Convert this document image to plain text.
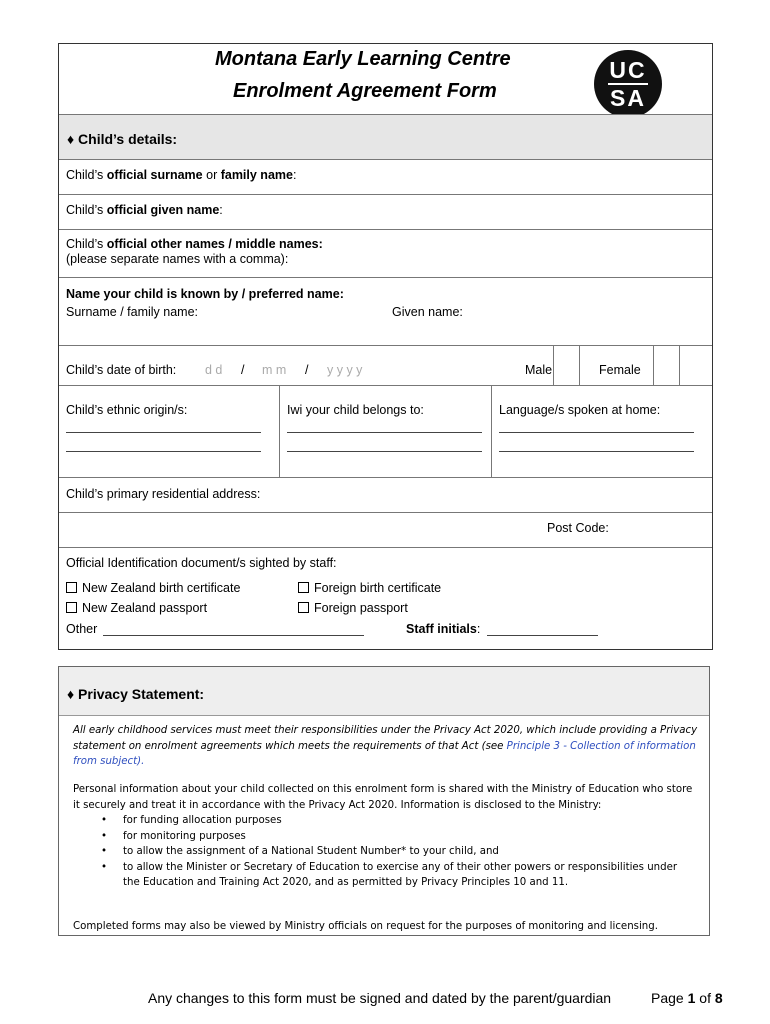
Montana Early Learning Centre
Enrolment Agreement Form
UC
SA
♦ Child’s details:
Child’s official surname or family name:
Child’s official given name:
Child’s official other names / middle names:
(please separate names with a comma):
Name your child is known by / preferred name:
Surname / family name:	Given name:
Child’s date of birth: d d / m m / y y y y	Male	Female
Child’s ethnic origin/s:	Iwi your child belongs to:	Language/s spoken at home:
Child’s primary residential address:
Post Code:
Official Identification document/s sighted by staff:
New Zealand birth certificate	Foreign birth certificate
New Zealand passport	Foreign passport
Other	Staff initials:
♦ Privacy Statement:
All early childhood services must meet their responsibilities under the Privacy Act 2020, which include providing a Privacy statement on enrolment agreements which meets the requirements of that Act (see Principle 3 - Collection of information from subject).
Personal information about your child collected on this enrolment form is shared with the Ministry of Education who store it securely and treat it in accordance with the Privacy Act 2020. Information is disclosed to the Ministry:
• for funding allocation purposes
• for monitoring purposes
• to allow the assignment of a National Student Number* to your child, and
• to allow the Minister or Secretary of Education to exercise any of their other powers or responsibilities under the Education and Training Act 2020, and as permitted by Privacy Principles 10 and 11.
Completed forms may also be viewed by Ministry officials on request for the purposes of monitoring and licensing.
Any changes to this form must be signed and dated by the parent/guardian	Page 1 of 8
